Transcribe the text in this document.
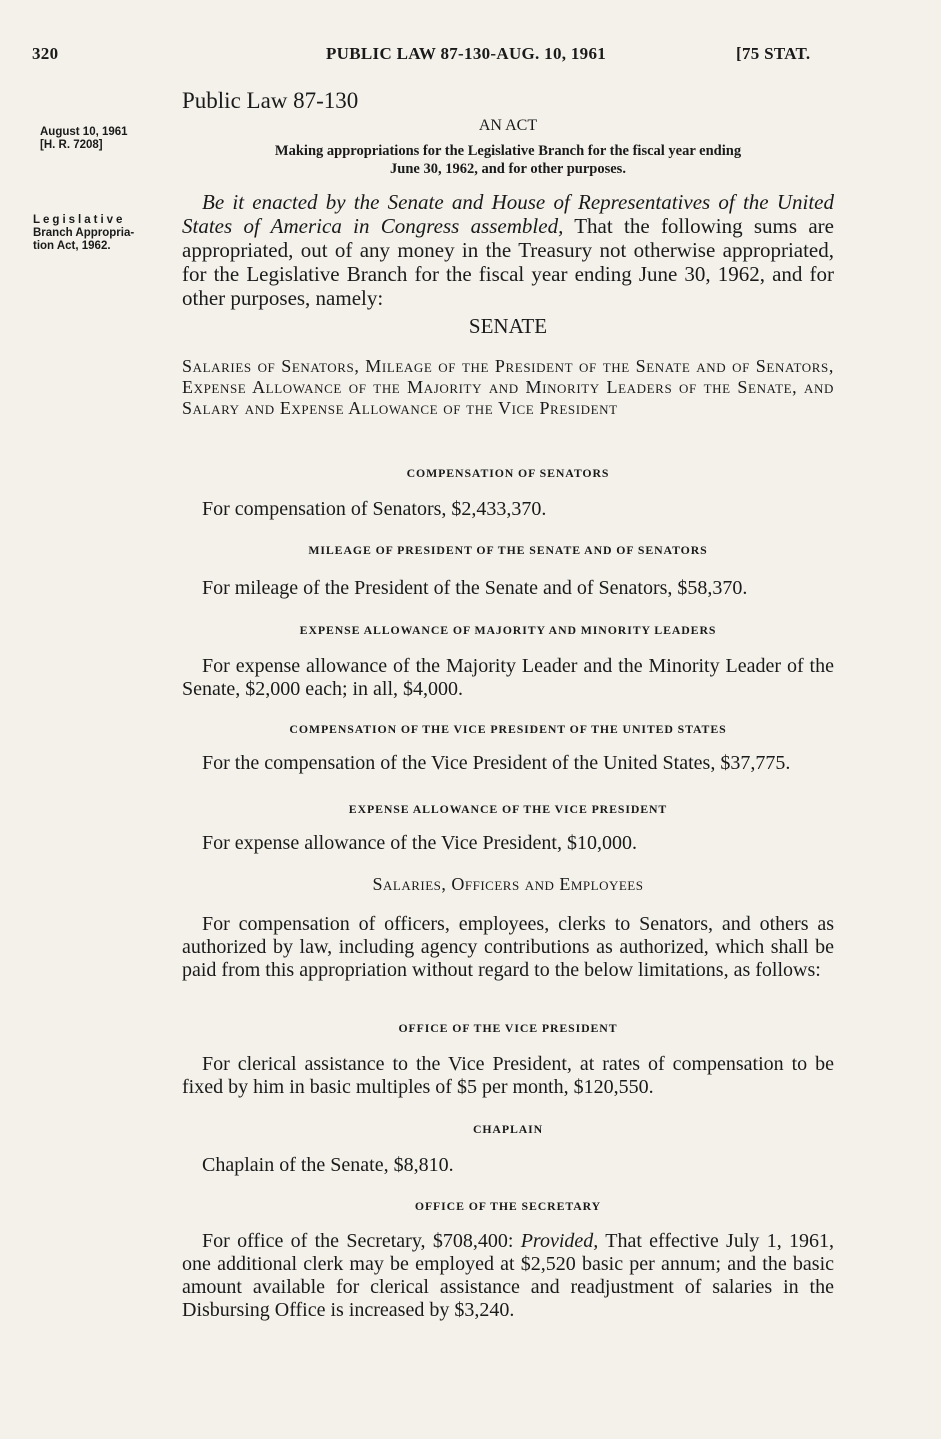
320	PUBLIC LAW 87-130-AUG. 10, 1961	[75 STAT.
August 10, 1961
[H. R. 7208]
Legislative
Branch Appropria-
tion Act, 1962.
Public Law 87-130
AN ACT
Making appropriations for the Legislative Branch for the fiscal year ending
June 30, 1962, and for other purposes.
Be it enacted by the Senate and House of Representatives of the United States of America in Congress assembled, That the following sums are appropriated, out of any money in the Treasury not otherwise appropriated, for the Legislative Branch for the fiscal year ending June 30, 1962, and for other purposes, namely:
SENATE
Salaries of Senators, Mileage of the President of the Senate and of Senators, Expense Allowance of the Majority and Minority Leaders of the Senate, and Salary and Expense Allowance of the Vice President
COMPENSATION OF SENATORS
For compensation of Senators, $2,433,370.
MILEAGE OF PRESIDENT OF THE SENATE AND OF SENATORS
For mileage of the President of the Senate and of Senators, $58,370.
EXPENSE ALLOWANCE OF MAJORITY AND MINORITY LEADERS
For expense allowance of the Majority Leader and the Minority Leader of the Senate, $2,000 each; in all, $4,000.
COMPENSATION OF THE VICE PRESIDENT OF THE UNITED STATES
For the compensation of the Vice President of the United States, $37,775.
EXPENSE ALLOWANCE OF THE VICE PRESIDENT
For expense allowance of the Vice President, $10,000.
Salaries, Officers and Employees
For compensation of officers, employees, clerks to Senators, and others as authorized by law, including agency contributions as authorized, which shall be paid from this appropriation without regard to the below limitations, as follows:
OFFICE OF THE VICE PRESIDENT
For clerical assistance to the Vice President, at rates of compensation to be fixed by him in basic multiples of $5 per month, $120,550.
CHAPLAIN
Chaplain of the Senate, $8,810.
OFFICE OF THE SECRETARY
For office of the Secretary, $708,400: Provided, That effective July 1, 1961, one additional clerk may be employed at $2,520 basic per annum; and the basic amount available for clerical assistance and readjustment of salaries in the Disbursing Office is increased by $3,240.
